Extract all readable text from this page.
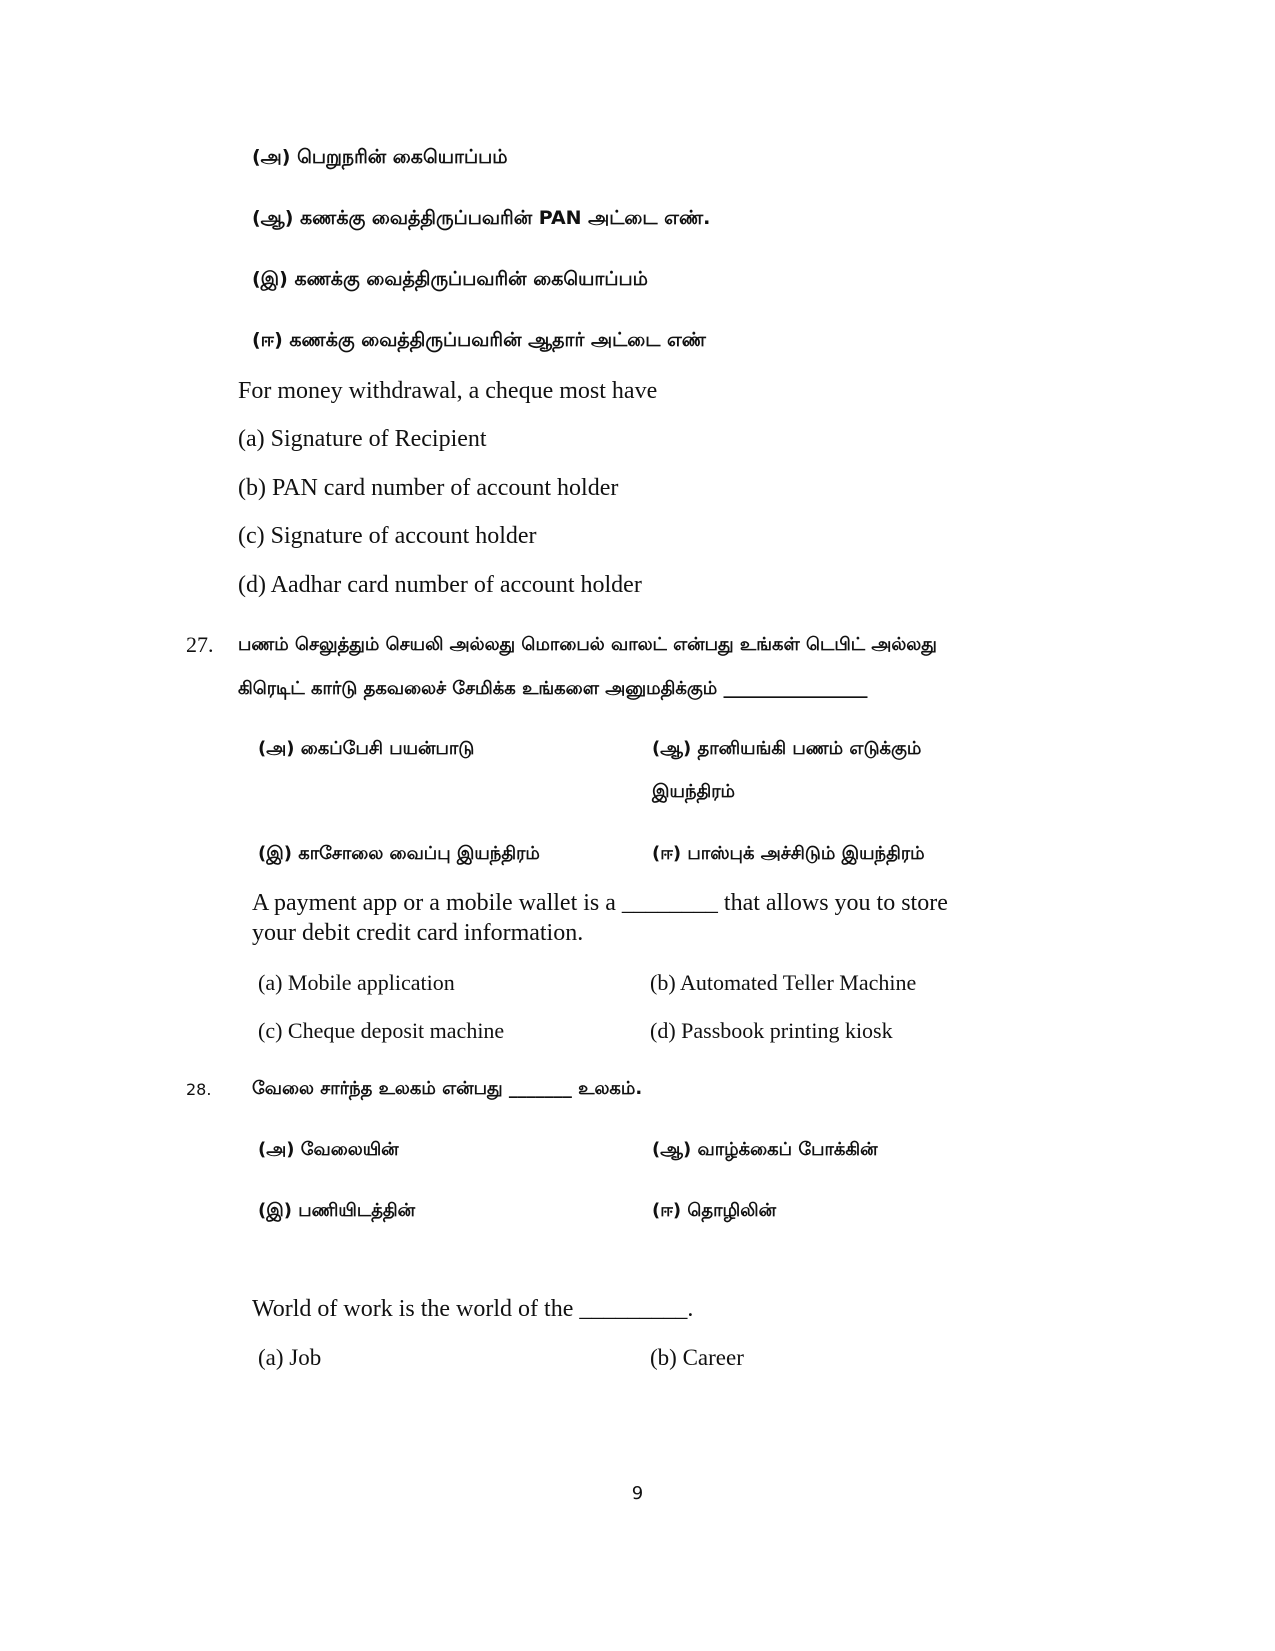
(அ) பெறுநரின் கையொப்பம்
(ஆ) கணக்கு வைத்திருப்பவரின் PAN அட்டை எண்.
(இ) கணக்கு வைத்திருப்பவரின் கையொப்பம்
(ஈ) கணக்கு வைத்திருப்பவரின் ஆதார் அட்டை எண்
For money withdrawal, a cheque most have
(a) Signature of Recipient
(b) PAN card number of account holder
(c) Signature of account holder
(d) Aadhar card number of account holder
27. பணம் செலுத்தும் செயலி அல்லது மொபைல் வாலட் என்பது உங்கள் டெபிட் அல்லது
கிரெடிட் கார்டு தகவலைச் சேமிக்க உங்களை அனுமதிக்கும் ________________
(அ) கைப்பேசி பயன்பாடு	(ஆ) தானியங்கி பணம் எடுக்கும்
இயந்திரம்
(இ) காசோலை வைப்பு இயந்திரம்	(ஈ) பாஸ்புக் அச்சிடும் இயந்திரம்
A payment app or a mobile wallet is a ________ that allows you to store
your debit credit card information.
(a) Mobile application	(b) Automated Teller Machine
(c) Cheque deposit machine	(d) Passbook printing kiosk
28. வேலை சார்ந்த உலகம் என்பது _______ உலகம்.
(அ) வேலையின்	(ஆ) வாழ்க்கைப் போக்கின்
(இ) பணியிடத்தின்	(ஈ) தொழிலின்
World of work is the world of the _________.
(a) Job	(b) Career
9
